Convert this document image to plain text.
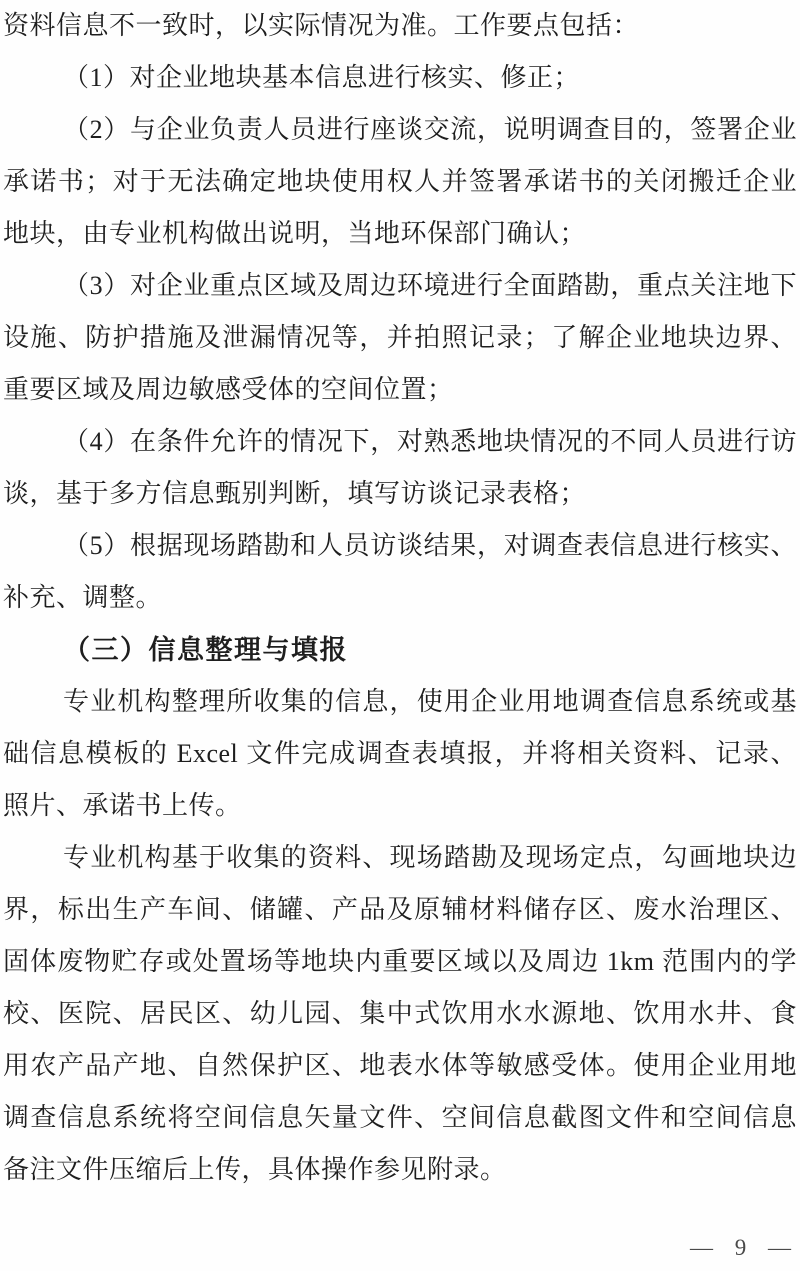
资料信息不一致时，以实际情况为准。工作要点包括：
（1）对企业地块基本信息进行核实、修正；
（2）与企业负责人员进行座谈交流，说明调查目的，签署企业
承诺书；对于无法确定地块使用权人并签署承诺书的关闭搬迁企业
地块，由专业机构做出说明，当地环保部门确认；
（3）对企业重点区域及周边环境进行全面踏勘，重点关注地下
设施、防护措施及泄漏情况等，并拍照记录；了解企业地块边界、
重要区域及周边敏感受体的空间位置；
（4）在条件允许的情况下，对熟悉地块情况的不同人员进行访
谈，基于多方信息甄别判断，填写访谈记录表格；
（5）根据现场踏勘和人员访谈结果，对调查表信息进行核实、
补充、调整。
（三）信息整理与填报
专业机构整理所收集的信息，使用企业用地调查信息系统或基
础信息模板的 Excel 文件完成调查表填报，并将相关资料、记录、
照片、承诺书上传。
专业机构基于收集的资料、现场踏勘及现场定点，勾画地块边
界，标出生产车间、储罐、产品及原辅材料储存区、废水治理区、
固体废物贮存或处置场等地块内重要区域以及周边 1km 范围内的学
校、医院、居民区、幼儿园、集中式饮用水水源地、饮用水井、食
用农产品产地、自然保护区、地表水体等敏感受体。使用企业用地
调查信息系统将空间信息矢量文件、空间信息截图文件和空间信息
备注文件压缩后上传，具体操作参见附录。
— 9 —
